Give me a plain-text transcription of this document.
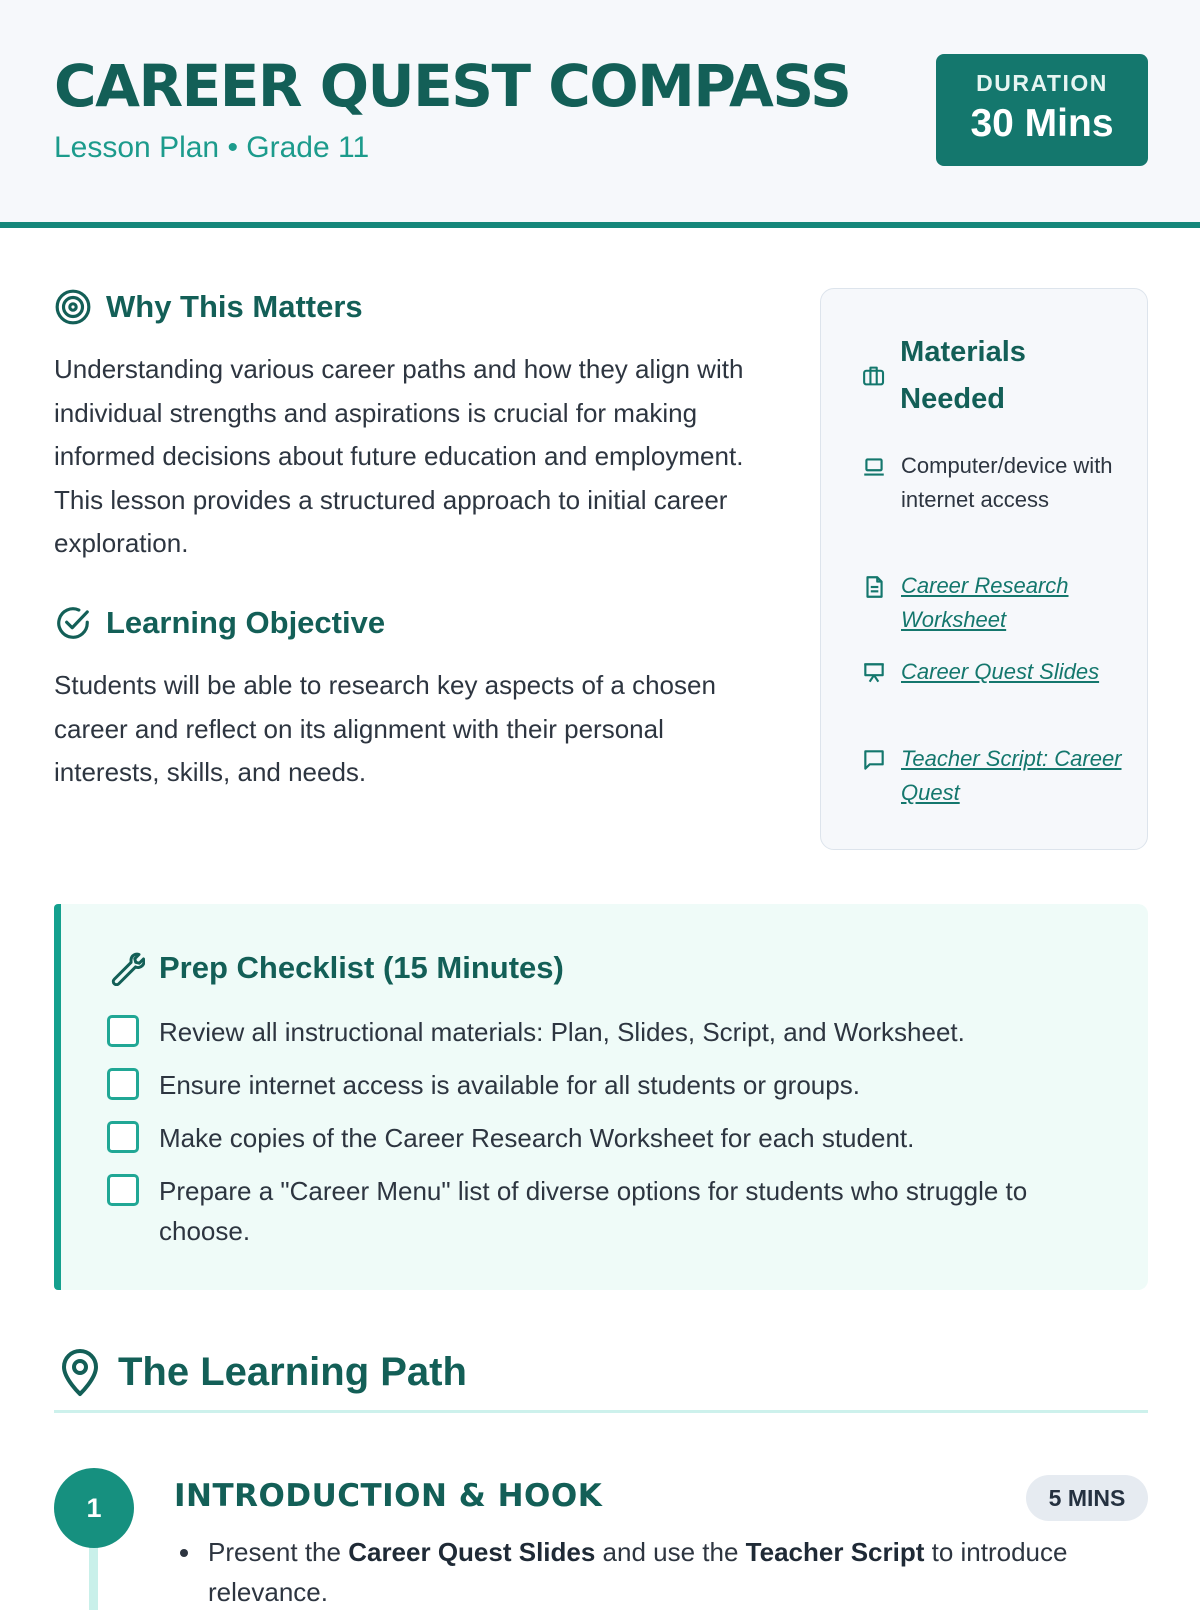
CAREER QUEST COMPASS
Lesson Plan • Grade 11
DURATION
30 Mins
Why This Matters
Understanding various career paths and how they align with individual strengths and aspirations is crucial for making informed decisions about future education and employment. This lesson provides a structured approach to initial career exploration.
Learning Objective
Students will be able to research key aspects of a chosen career and reflect on its alignment with their personal interests, skills, and needs.
Materials Needed
Computer/device with internet access
Career Research Worksheet
Career Quest Slides
Teacher Script: Career Quest
Prep Checklist (15 Minutes)
Review all instructional materials: Plan, Slides, Script, and Worksheet.
Ensure internet access is available for all students or groups.
Make copies of the Career Research Worksheet for each student.
Prepare a "Career Menu" list of diverse options for students who struggle to choose.
The Learning Path
1	INTRODUCTION & HOOK	5 MINS
Present the Career Quest Slides and use the Teacher Script to introduce relevance.
